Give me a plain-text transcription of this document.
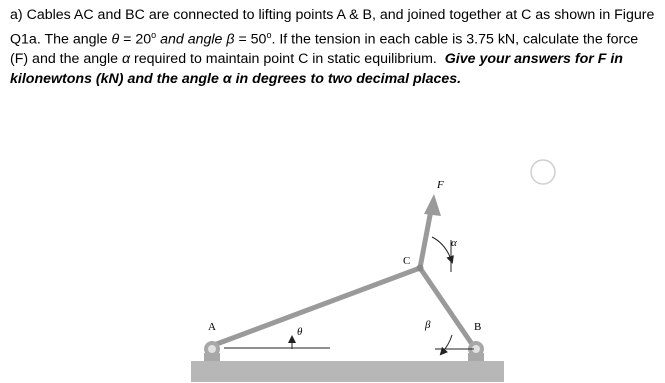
a) Cables AC and BC are connected to lifting points A & B, and joined together at C as shown in Figure Q1a. The angle $\theta = 20^o$ and angle $\beta = 50^o$. If the tension in each cable is 3.75 kN, calculate the force (F) and the angle α required to maintain point C in static equilibrium. Give your answers for F in kilonewtons (kN) and the angle α in degrees to two decimal places.

A	B
C
F
θ
β
α
